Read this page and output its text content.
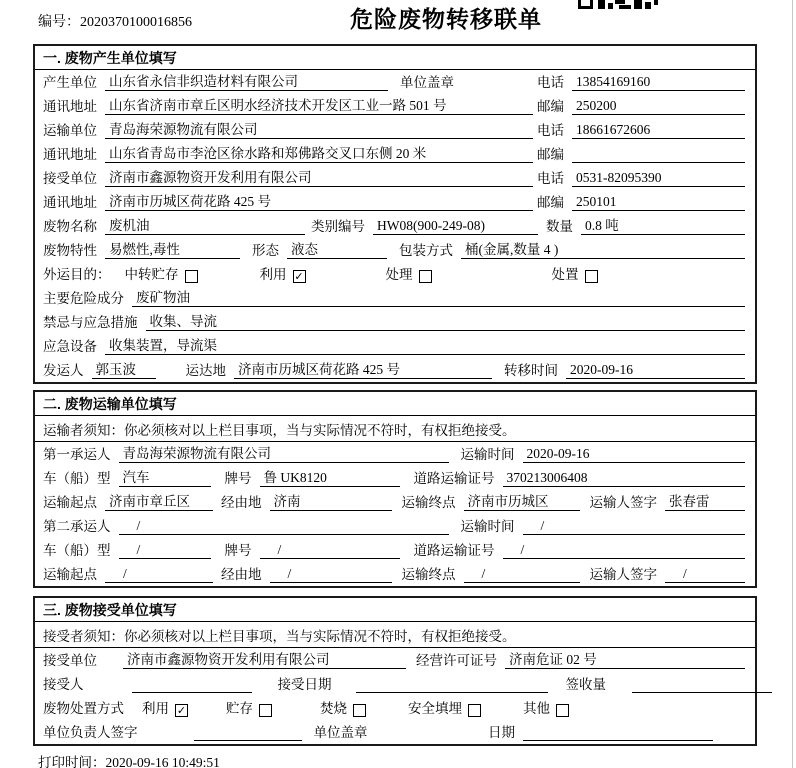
编号：2020370100016856	危险废物转移联单
一. 废物产生单位填写
产生单位 山东省永信非织造材料有限公司	单位盖章	电话 13854169160
通讯地址 山东省济南市章丘区明水经济技术开发区工业一路 501 号	邮编 250200
运输单位 青岛海荣源物流有限公司	电话 18661672606
通讯地址 山东省青岛市李沧区徐水路和郑佛路交叉口东侧 20 米	邮编
接受单位 济南市鑫源物资开发利用有限公司	电话 0531-82095390
通讯地址 济南市历城区荷花路 425 号	邮编 250101
废物名称 废机油	类别编号 HW08(900-249-08)	数量 0.8 吨
废物特性 易燃性,毒性	形态 液态	包装方式 桶(金属,数量 4 )
外运目的： 中转贮存	利用 ✓	处理	处置
主要危险成分 废矿物油
禁忌与应急措施 收集、导流
应急设备 收集装置，导流渠
发运人 郭玉波	运达地 济南市历城区荷花路 425 号	转移时间 2020-09-16
二. 废物运输单位填写
运输者须知： 你必须核对以上栏目事项，当与实际情况不符时，有权拒绝接受。
第一承运人 青岛海荣源物流有限公司	运输时间 2020-09-16
车（船）型 汽车	牌号 鲁 UK8120	道路运输证号 370213006408
运输起点 济南市章丘区	经由地 济南	运输终点 济南市历城区	运输人签字 张春雷
第二承运人	/	运输时间	/
车（船）型	/	牌号	/	道路运输证号	/
运输起点	/	经由地	/	运输终点	/	运输人签字	/
三. 废物接受单位填写
接受者须知： 你必须核对以上栏目事项，当与实际情况不符时，有权拒绝接受。
接受单位 济南市鑫源物资开发利用有限公司	经营许可证号 济南危证 02 号
接受人	接受日期	签收量
废物处置方式 利用 ✓	贮存	焚烧	安全填埋	其他
单位负责人签字	单位盖章	日期
打印时间：2020-09-16 10:49:51
